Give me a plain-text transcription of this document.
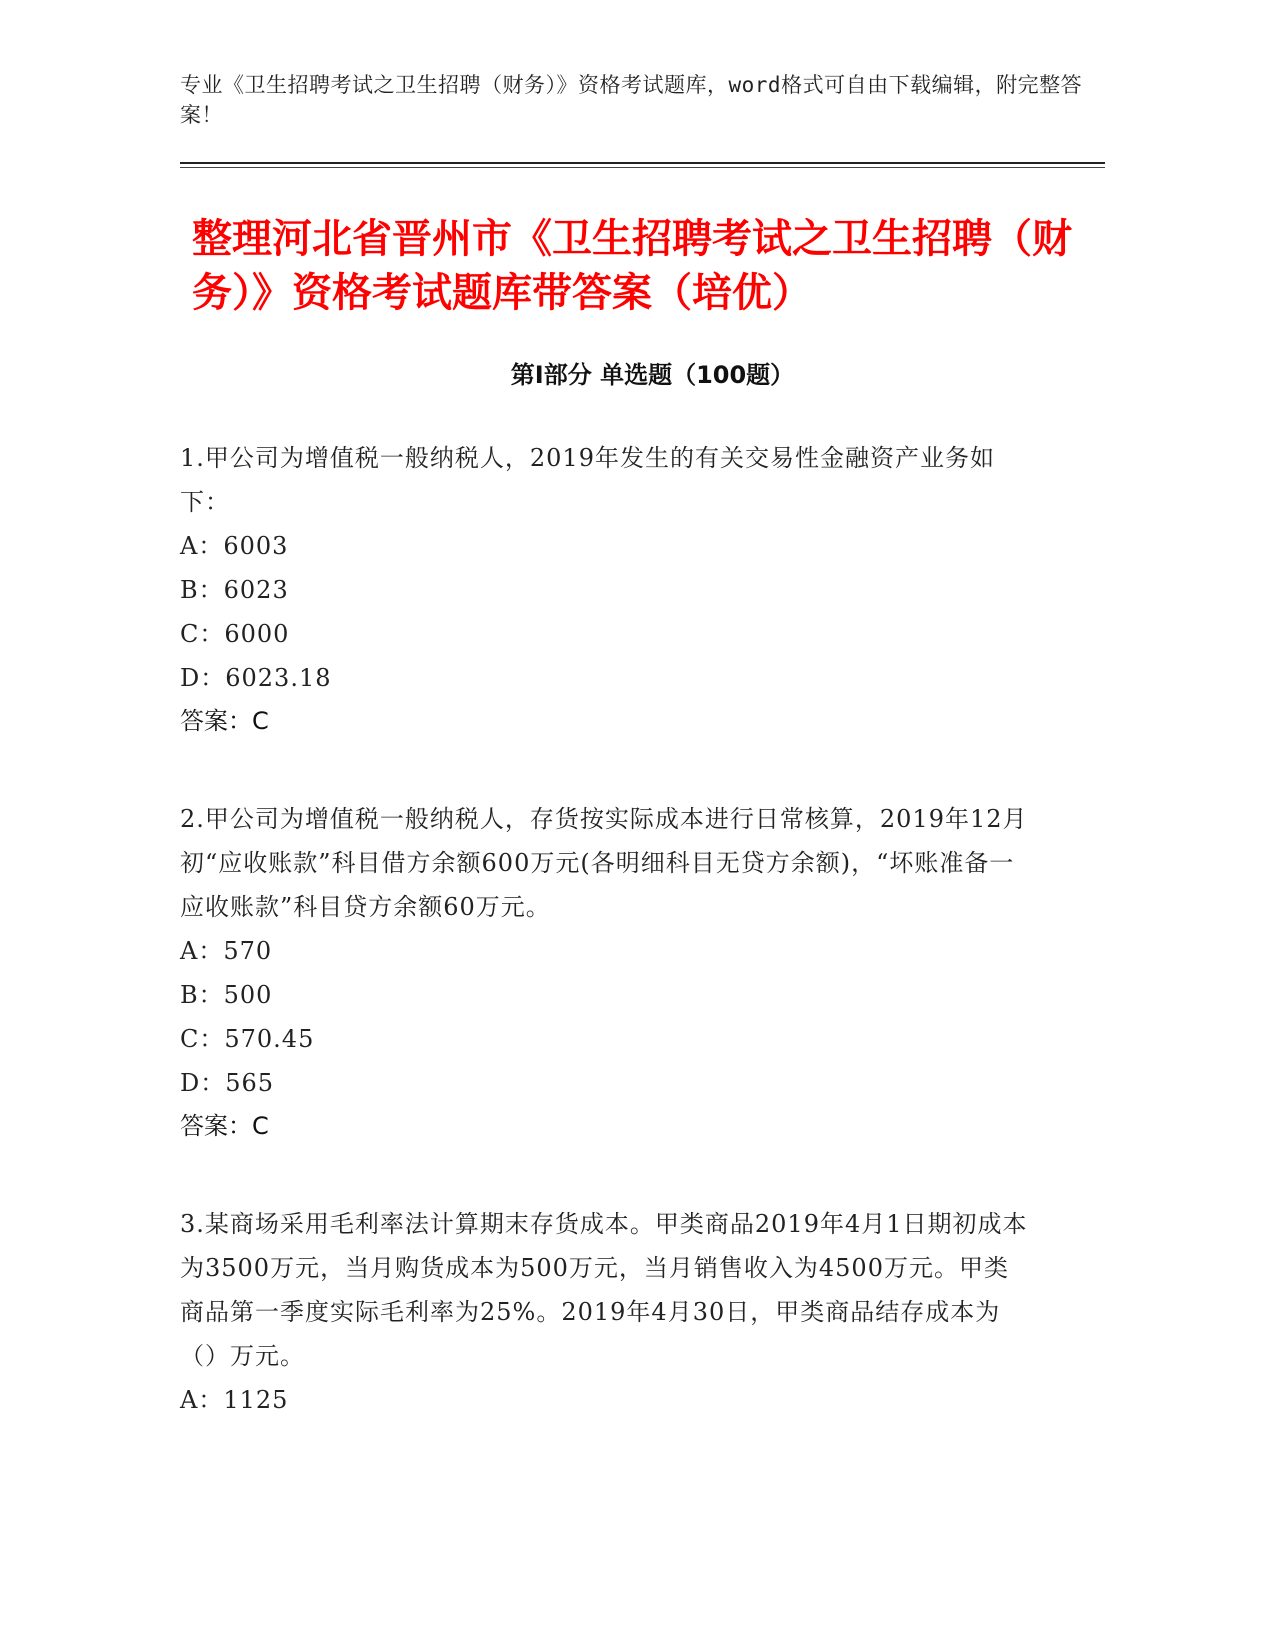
专业《卫生招聘考试之卫生招聘（财务）》资格考试题库，word格式可自由下载编辑，附完整答案！
整理河北省晋州市《卫生招聘考试之卫生招聘（财务）》资格考试题库带答案（培优）
第Ⅰ部分 单选题（100题）
1.甲公司为增值税一般纳税人，2019年发生的有关交易性金融资产业务如下：
A：6003
B：6023
C：6000
D：6023.18
答案：C
2.甲公司为增值税一般纳税人，存货按实际成本进行日常核算，2019年12月初“应收账款”科目借方余额600万元(各明细科目无贷方余额)，“坏账准备一应收账款”科目贷方余额60万元。
A：570
B：500
C：570.45
D：565
答案：C
3.某商场采用毛利率法计算期末存货成本。甲类商品2019年4月1日期初成本为3500万元，当月购货成本为500万元，当月销售收入为4500万元。甲类商品第一季度实际毛利率为25%。2019年4月30日，甲类商品结存成本为（）万元。
A：1125
